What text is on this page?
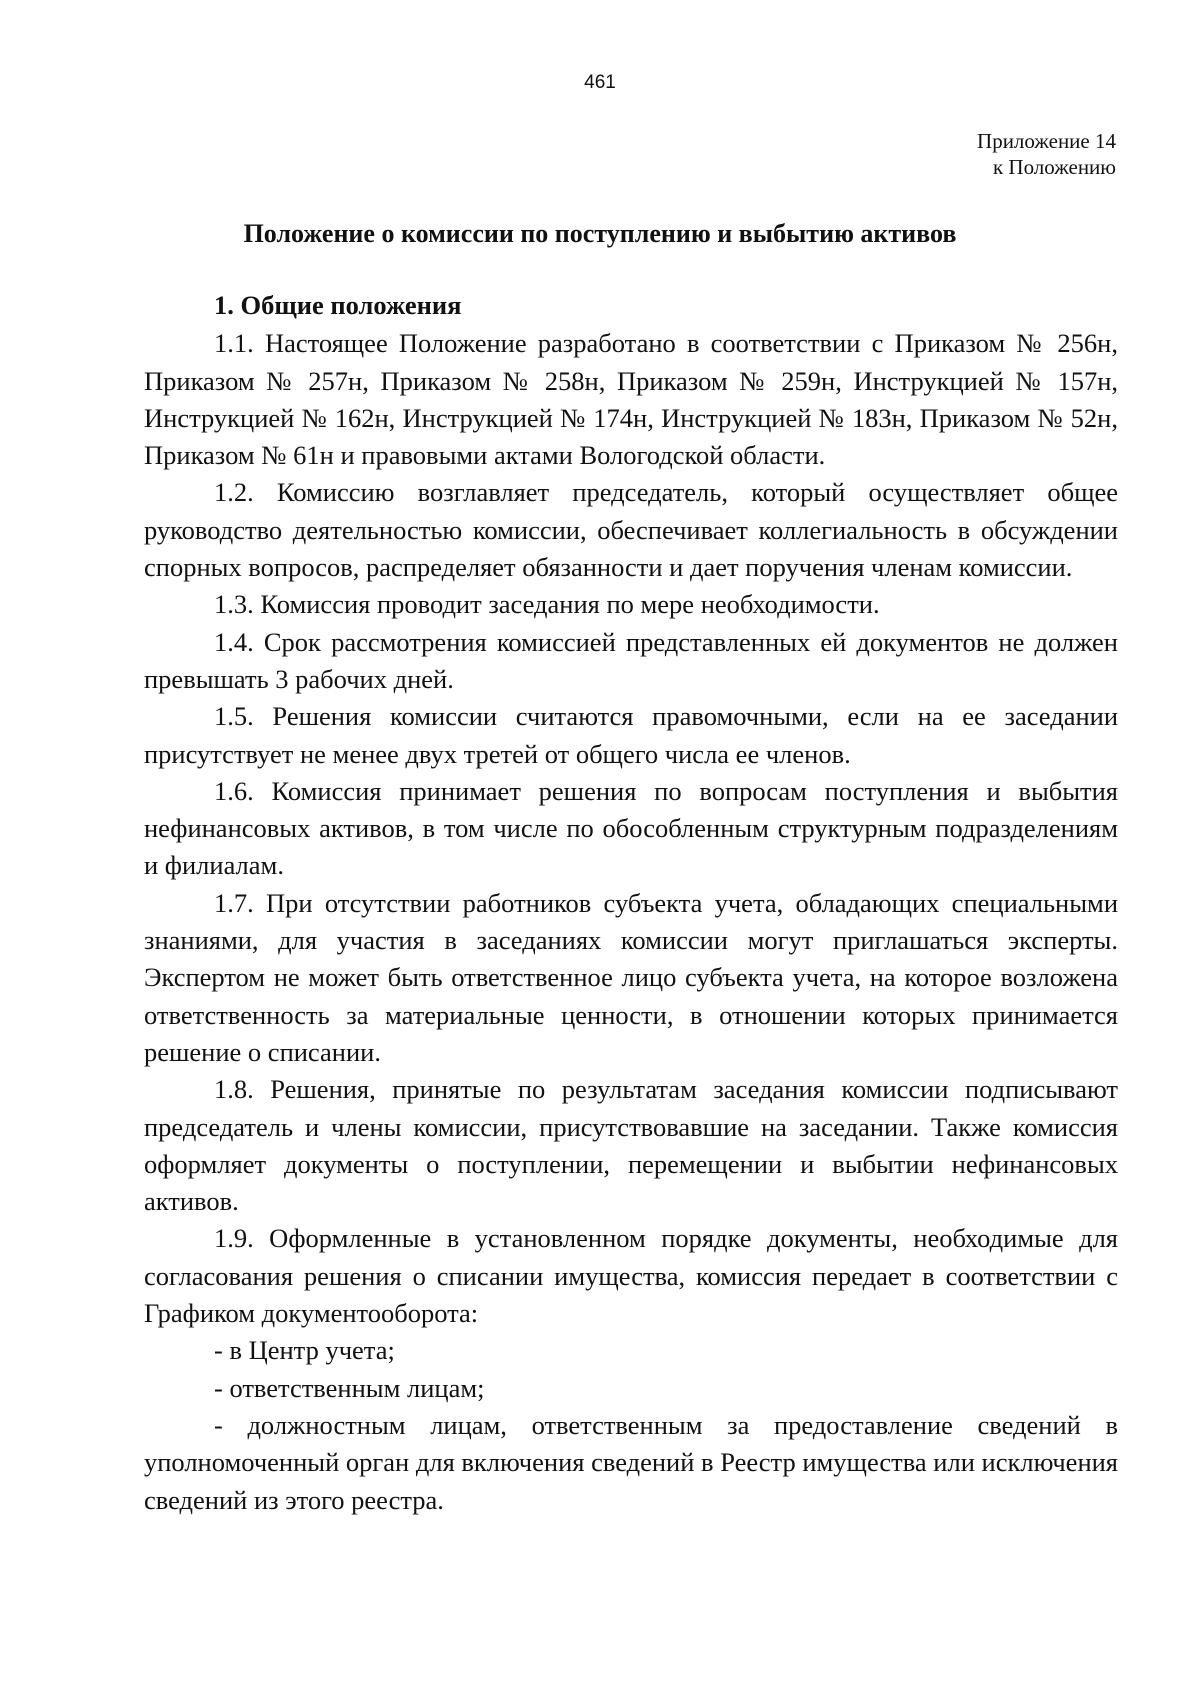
461
Приложение 14
к Положению
Положение о комиссии по поступлению и выбытию активов
1. Общие положения

1.1. Настоящее Положение разработано в соответствии с Приказом № 256н, Приказом № 257н, Приказом № 258н, Приказом № 259н, Инструкцией № 157н, Инструкцией № 162н, Инструкцией № 174н, Инструкцией № 183н, Приказом № 52н, Приказом № 61н и правовыми актами Вологодской области.

1.2. Комиссию возглавляет председатель, который осуществляет общее руководство деятельностью комиссии, обеспечивает коллегиальность в обсуждении спорных вопросов, распределяет обязанности и дает поручения членам комиссии.

1.3. Комиссия проводит заседания по мере необходимости.

1.4. Срок рассмотрения комиссией представленных ей документов не должен превышать 3 рабочих дней.

1.5. Решения комиссии считаются правомочными, если на ее заседании присутствует не менее двух третей от общего числа ее членов.

1.6. Комиссия принимает решения по вопросам поступления и выбытия нефинансовых активов, в том числе по обособленным структурным подразделениям и филиалам.

1.7. При отсутствии работников субъекта учета, обладающих специальными знаниями, для участия в заседаниях комиссии могут приглашаться эксперты. Экспертом не может быть ответственное лицо субъекта учета, на которое возложена ответственность за материальные ценности, в отношении которых принимается решение о списании.

1.8. Решения, принятые по результатам заседания комиссии подписывают председатель и члены комиссии, присутствовавшие на заседании. Также комиссия оформляет документы о поступлении, перемещении и выбытии нефинансовых активов.

1.9. Оформленные в установленном порядке документы, необходимые для согласования решения о списании имущества, комиссия передает в соответствии с Графиком документооборота:

- в Центр учета;

- ответственным лицам;

- должностным лицам, ответственным за предоставление сведений в уполномоченный орган для включения сведений в Реестр имущества или исключения сведений из этого реестра.
